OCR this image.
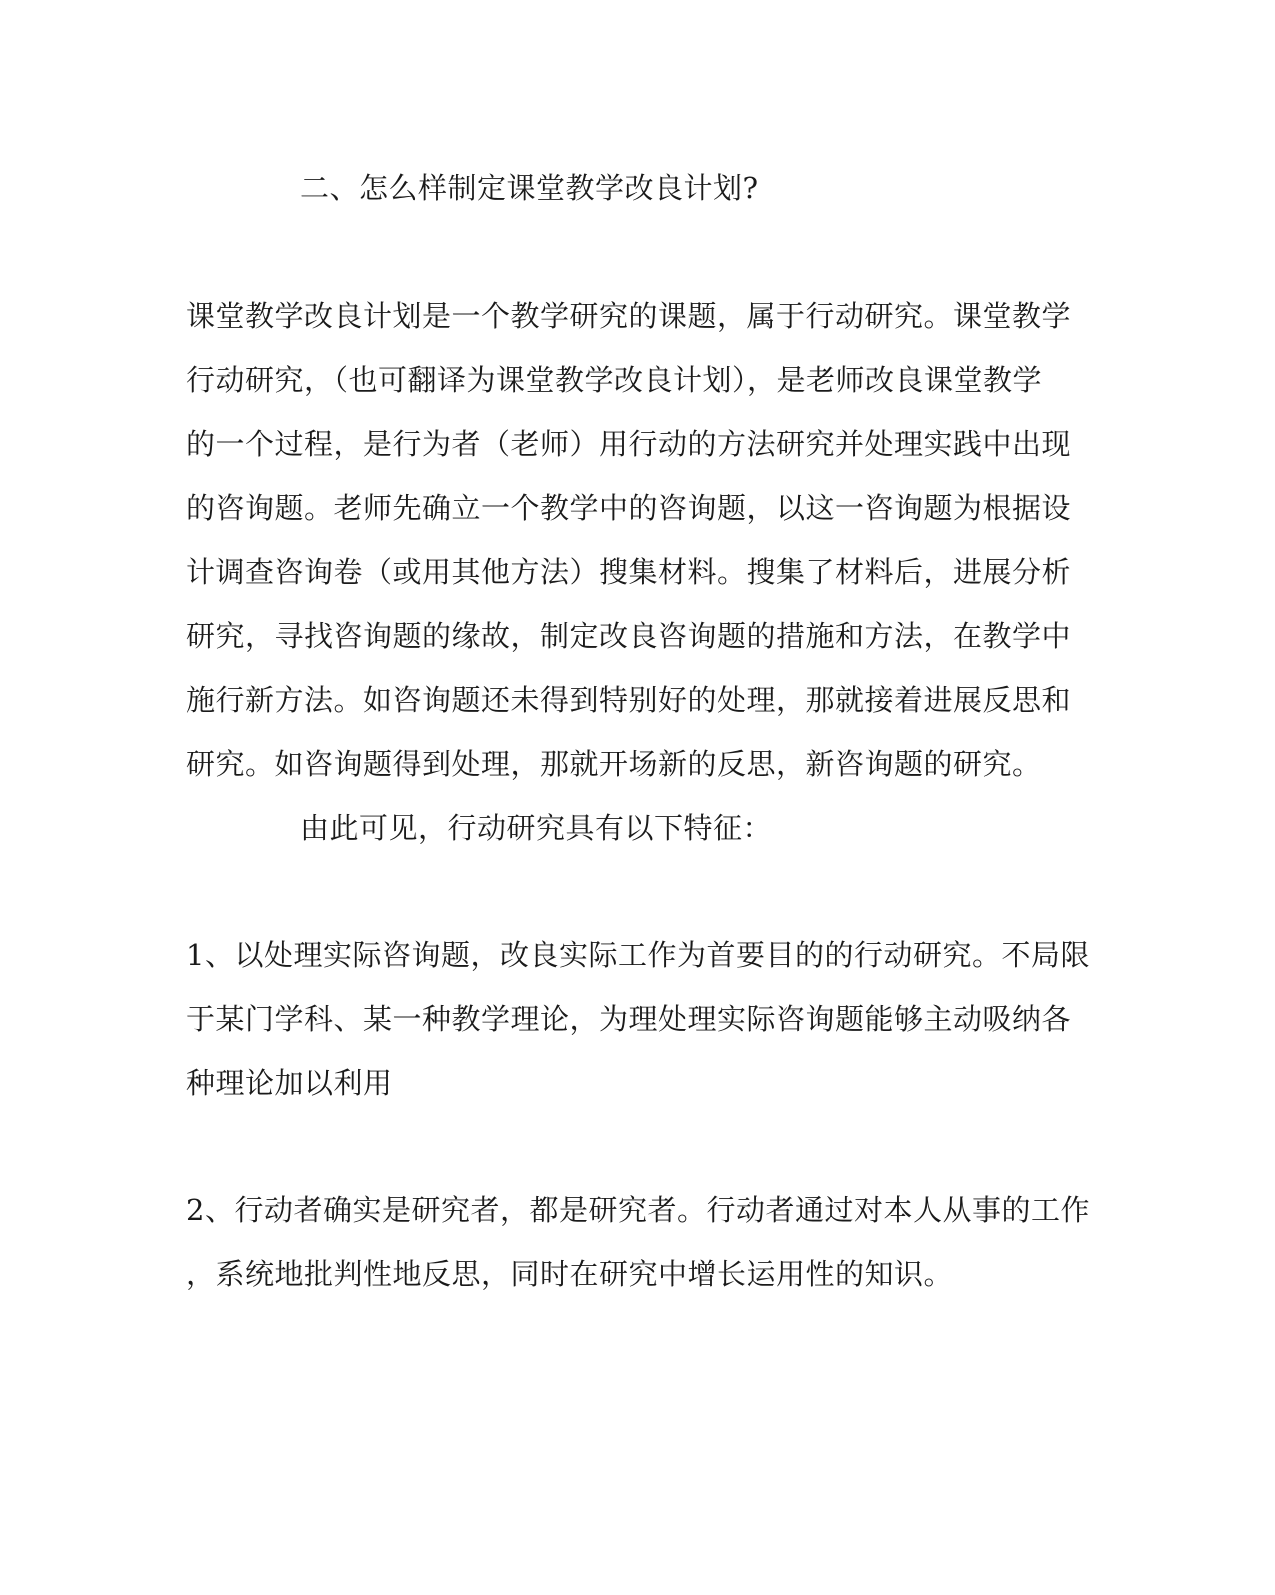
二、怎么样制定课堂教学改良计划?
课堂教学改良计划是一个教学研究的课题，属于行动研究。课堂教学
行动研究，（也可翻译为课堂教学改良计划），是老师改良课堂教学
的一个过程，是行为者（老师）用行动的方法研究并处理实践中出现
的咨询题。老师先确立一个教学中的咨询题，以这一咨询题为根据设
计调查咨询卷（或用其他方法）搜集材料。搜集了材料后，进展分析
研究，寻找咨询题的缘故，制定改良咨询题的措施和方法，在教学中
施行新方法。如咨询题还未得到特别好的处理，那就接着进展反思和
研究。如咨询题得到处理，那就开场新的反思，新咨询题的研究。
由此可见，行动研究具有以下特征：
1、以处理实际咨询题，改良实际工作为首要目的的行动研究。不局限
于某门学科、某一种教学理论，为理处理实际咨询题能够主动吸纳各
种理论加以利用
2、行动者确实是研究者，都是研究者。行动者通过对本人从事的工作
，系统地批判性地反思，同时在研究中增长运用性的知识。
